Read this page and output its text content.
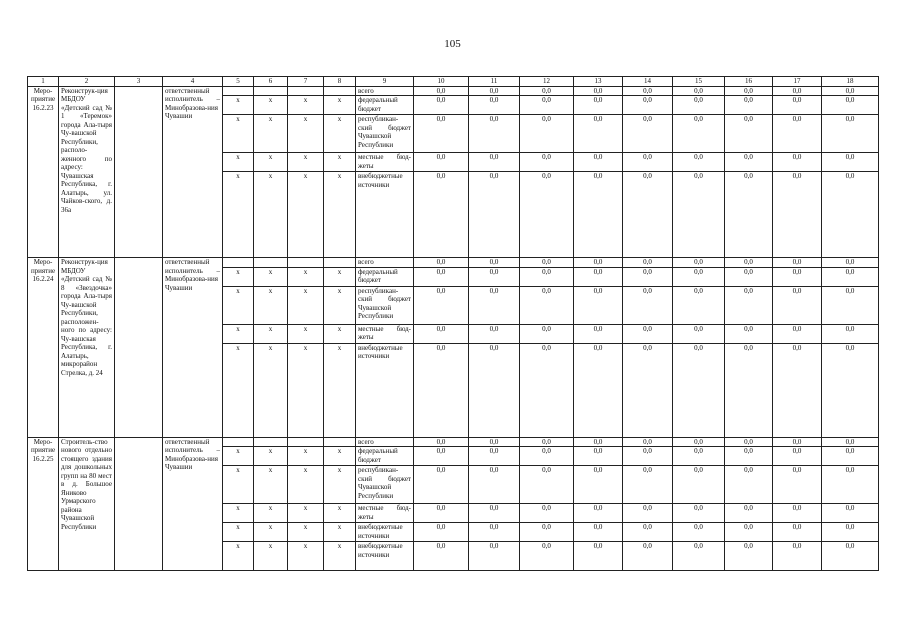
105
1	2	3	4	5	6	7	8	9	10	11	12	13	14	15	16	17	18
Меро-приятие 16.2.23	Реконструк-ция МБДОУ «Детский сад № 1 «Теремок» города Ала-тыря Чу-вашской Республики, располо-женного по адресу: Чувашская Республика, г. Алатырь, ул. Чайков-ского, д. 36а		ответственный исполнитель – Минобразова-ния Чувашии					всего	0,0	0,0	0,0	0,0	0,0	0,0	0,0	0,0	0,0
				x	x	x	x	федеральный бюджет	0,0	0,0	0,0	0,0	0,0	0,0	0,0	0,0	0,0
				x	x	x	x	республикан-ский бюджет Чувашской Республики	0,0	0,0	0,0	0,0	0,0	0,0	0,0	0,0	0,0
				x	x	x	x	местные бюд-жеты	0,0	0,0	0,0	0,0	0,0	0,0	0,0	0,0	0,0
				x	x	x	x	внебюджетные источники	0,0	0,0	0,0	0,0	0,0	0,0	0,0	0,0	0,0
Меро-приятие 16.2.24	Реконструк-ция МБДОУ «Детский сад № 8 «Звездочка» города Ала-тыря Чу-вашской Республики, расположен-ного по адресу: Чу-вашская Республика, г. Алатырь, микрорайон Стрелка, д. 24		ответственный исполнитель – Минобразова-ния Чувашии					всего	0,0	0,0	0,0	0,0	0,0	0,0	0,0	0,0	0,0
				x	x	x	x	федеральный бюджет	0,0	0,0	0,0	0,0	0,0	0,0	0,0	0,0	0,0
				x	x	x	x	республикан-ский бюджет Чувашской Республики	0,0	0,0	0,0	0,0	0,0	0,0	0,0	0,0	0,0
				x	x	x	x	местные бюд-жеты	0,0	0,0	0,0	0,0	0,0	0,0	0,0	0,0	0,0
				x	x	x	x	внебюджетные источники	0,0	0,0	0,0	0,0	0,0	0,0	0,0	0,0	0,0
Меро-приятие 16.2.25	Строитель-ство нового отдельно стоящего здания для дошкольных групп на 80 мест в д. Большое Яниково Урмарского района Чувашской Республики		ответственный исполнитель – Минобразова-ния Чувашии					всего	0,0	0,0	0,0	0,0	0,0	0,0	0,0	0,0	0,0
				x	x	x	x	федеральный бюджет	0,0	0,0	0,0	0,0	0,0	0,0	0,0	0,0	0,0
				x	x	x	x	республикан-ский бюджет Чувашской Республики	0,0	0,0	0,0	0,0	0,0	0,0	0,0	0,0	0,0
				x	x	x	x	местные бюд-жеты	0,0	0,0	0,0	0,0	0,0	0,0	0,0	0,0	0,0
				x	x	x	x	внебюджетные источники	0,0	0,0	0,0	0,0	0,0	0,0	0,0	0,0	0,0
				x	x	x	x	внебюджетные источники	0,0	0,0	0,0	0,0	0,0	0,0	0,0	0,0	0,0
